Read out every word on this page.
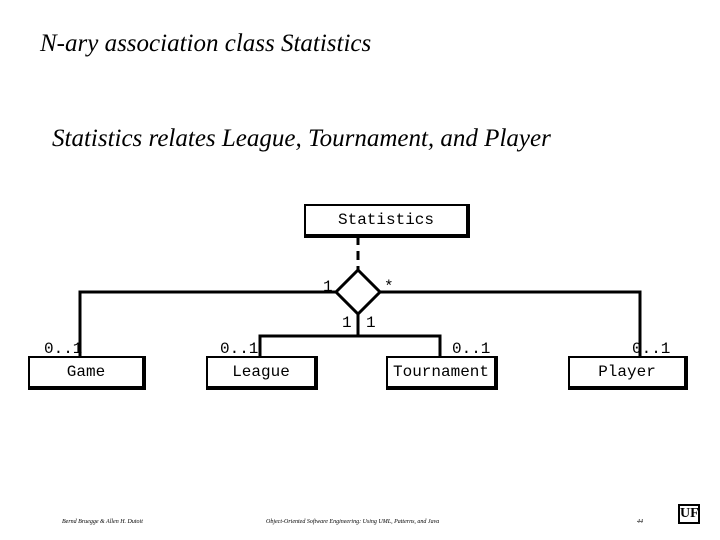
N-ary association class Statistics
Statistics relates League, Tournament, and Player
Statistics
Game	League	Tournament	Player
1	*
1 1
0..1	0..1	0..1	0..1
Bernd Bruegge & Allen H. Dutoit	Object-Oriented Software Engineering: Using UML, Patterns, and Java	44
UF
